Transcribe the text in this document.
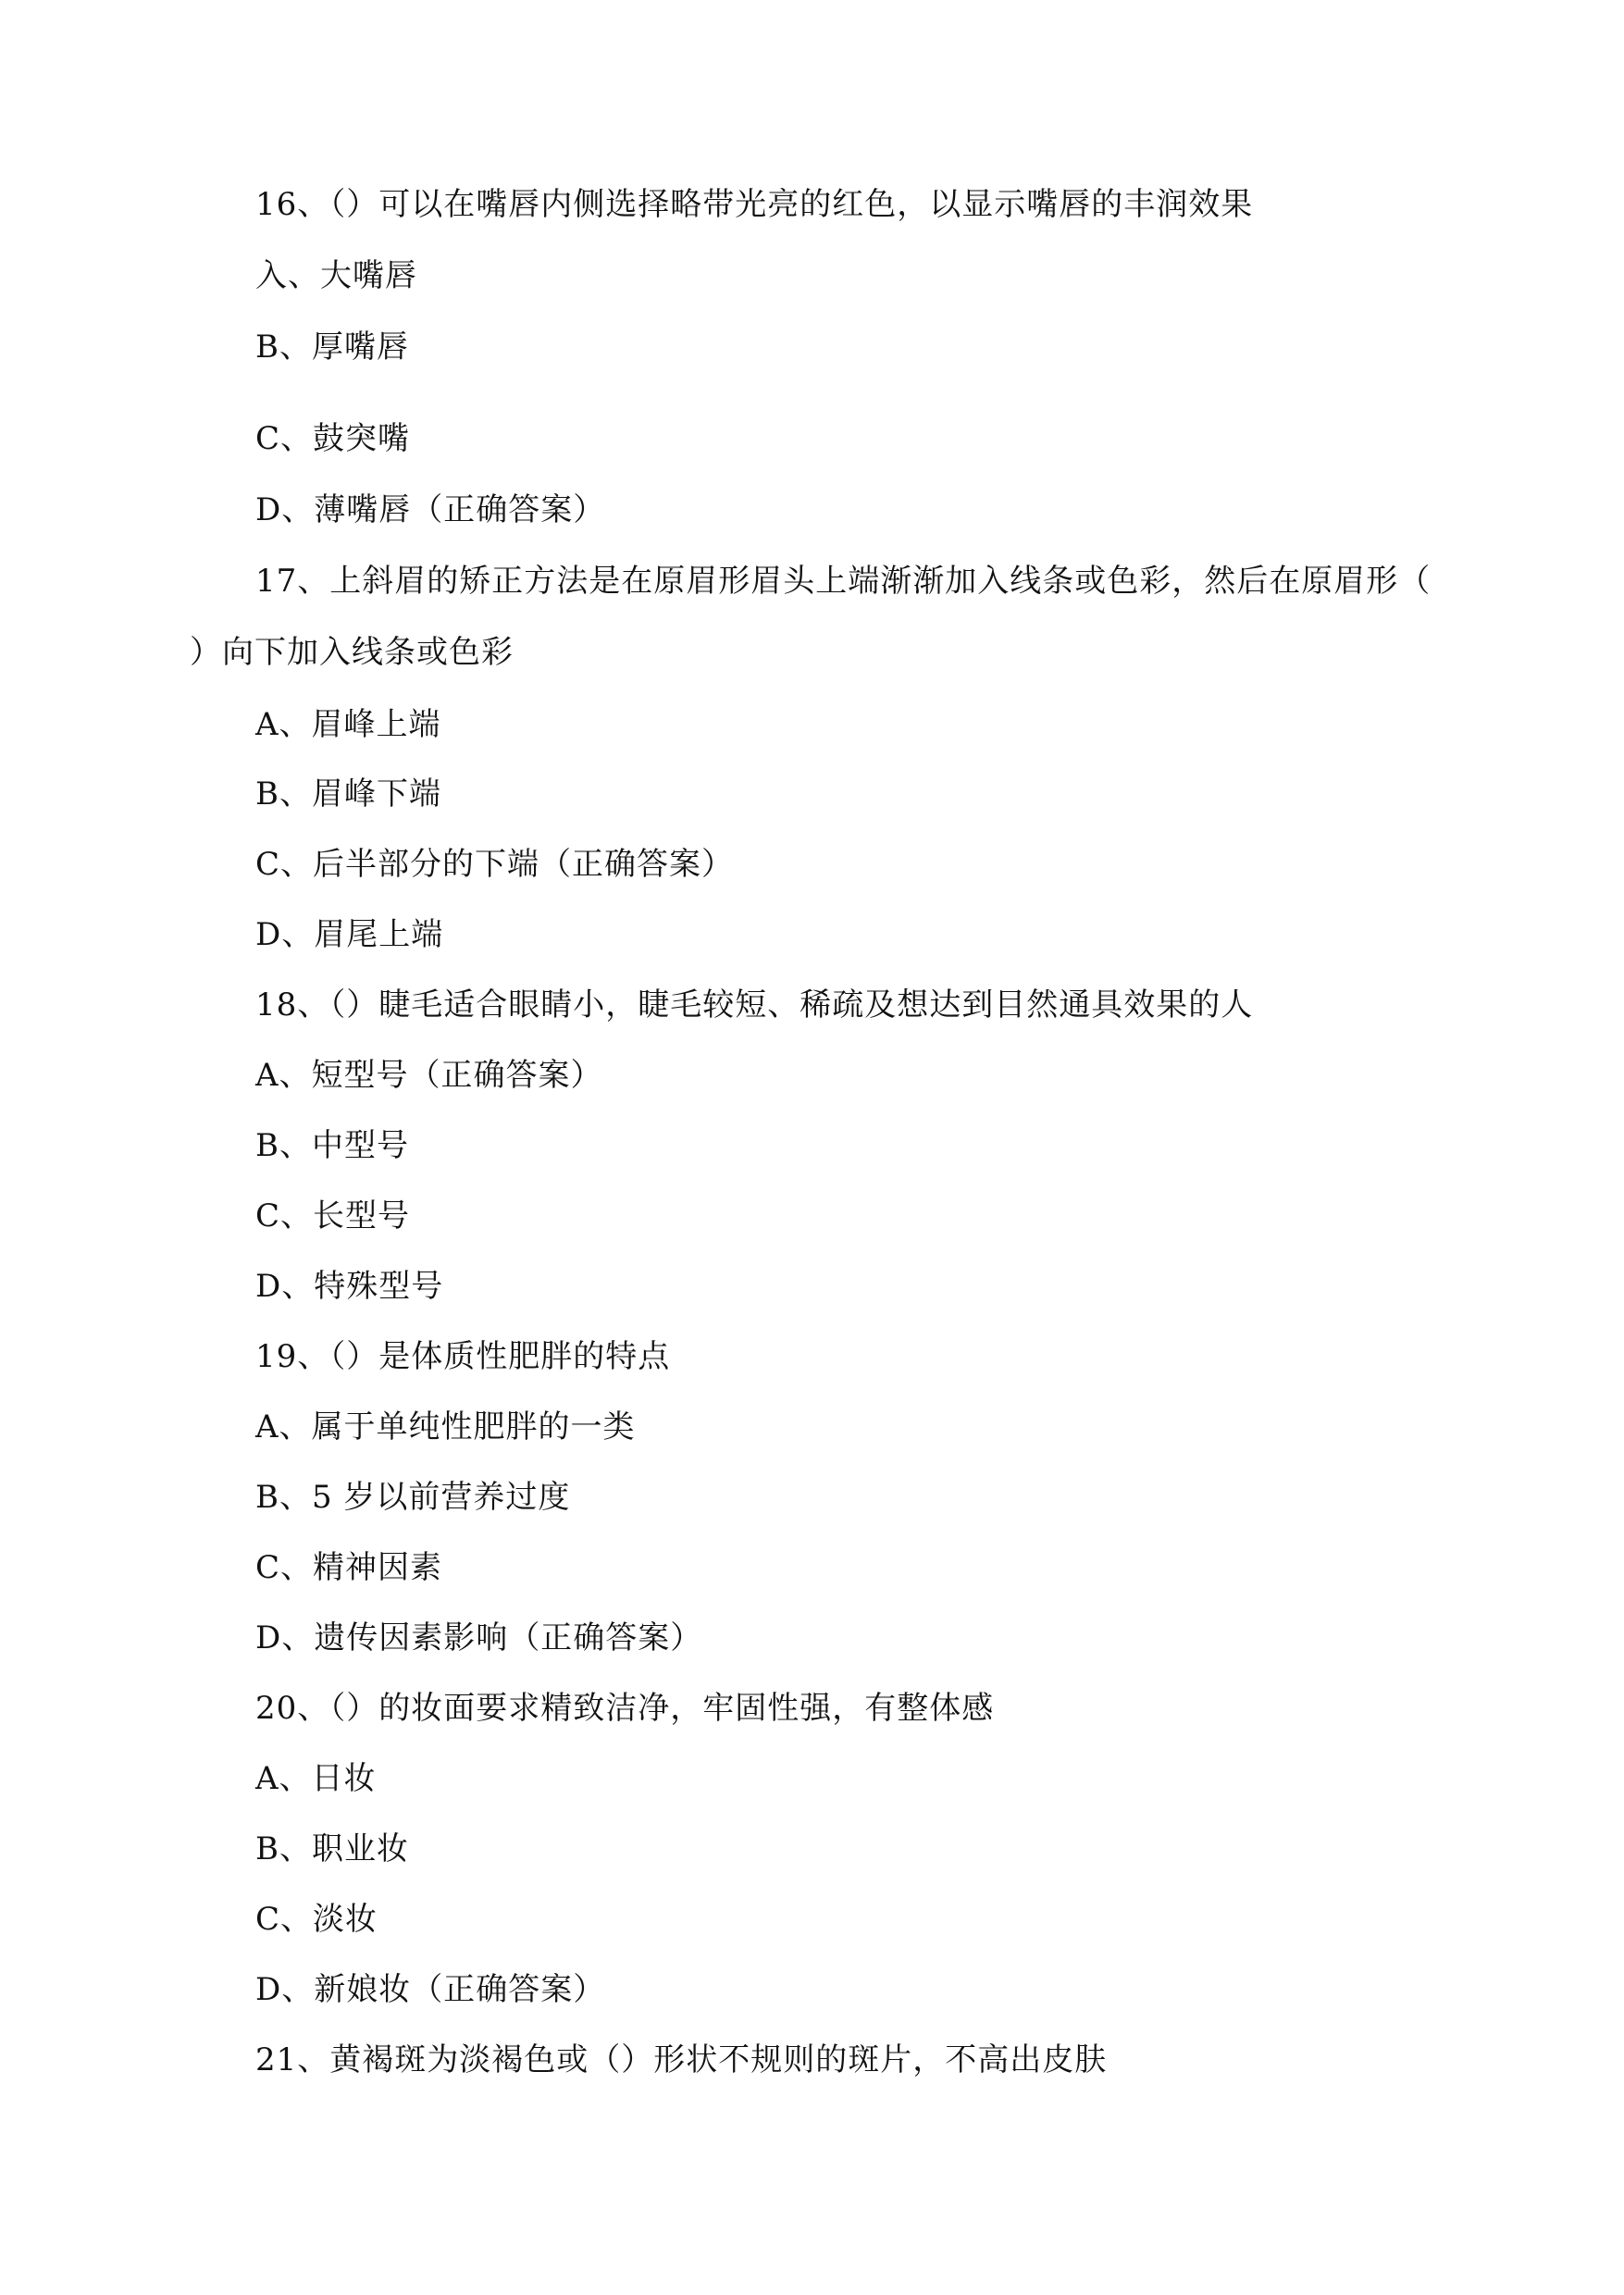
16、（）可以在嘴唇内侧选择略带光亮的红色，以显示嘴唇的丰润效果
入、大嘴唇
B、厚嘴唇
C、鼓突嘴
D、薄嘴唇（正确答案）
17、上斜眉的矫正方法是在原眉形眉头上端渐渐加入线条或色彩，然后在原眉形（
）向下加入线条或色彩
A、眉峰上端
B、眉峰下端
C、后半部分的下端（正确答案）
D、眉尾上端
18、（）睫毛适合眼睛小，睫毛较短、稀疏及想达到目然通具效果的人
A、短型号（正确答案）
B、中型号
C、长型号
D、特殊型号
19、（）是体质性肥胖的特点
A、属于单纯性肥胖的一类
B、5 岁以前营养过度
C、精神因素
D、遗传因素影响（正确答案）
20、（）的妆面要求精致洁净，牢固性强，有整体感
A、日妆
B、职业妆
C、淡妆
D、新娘妆（正确答案）
21、黄褐斑为淡褐色或（）形状不规则的斑片，不高出皮肤
